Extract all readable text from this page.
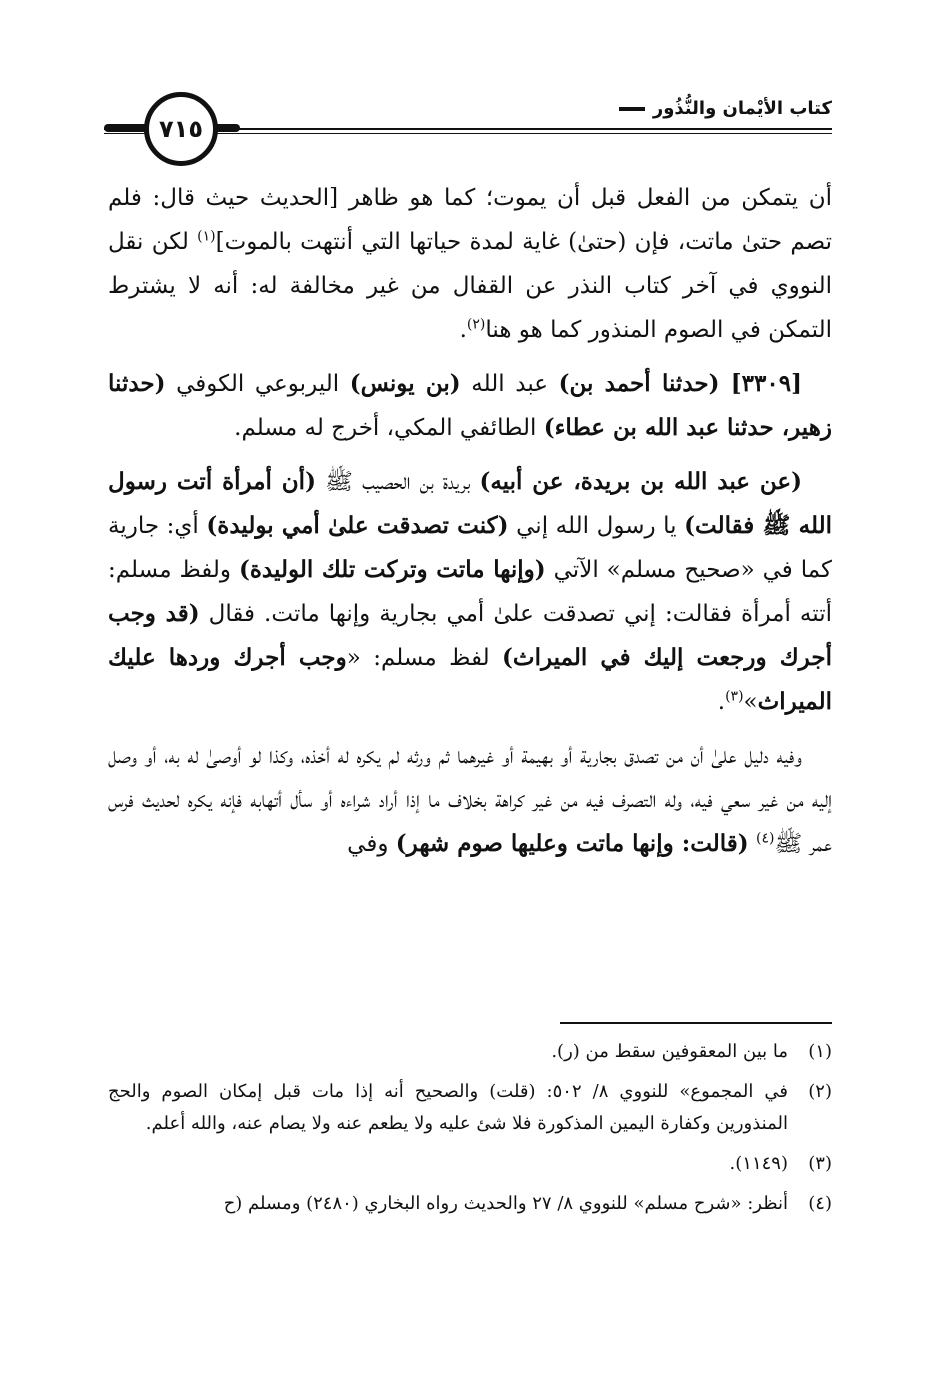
٧١٥
كتاب الأيْمان والنُّذُور

أن يتمكن من الفعل قبل أن يموت؛ كما هو ظاهر [الحديث حيث قال: فلم تصم حتىٰ ماتت، فإن (حتىٰ) غاية لمدة حياتها التي أنتهت بالموت]$^{(١)}$ لكن نقل النووي في آخر كتاب النذر عن القفال من غير مخالفة له: أنه لا يشترط التمكن في الصوم المنذور كما هو هنا$^{(٢)}$.

[٣٣٠٩] (حدثنا أحمد بن) عبد الله (بن يونس) اليربوعي الكوفي (حدثنا زهير، حدثنا عبد الله بن عطاء) الطائفي المكي، أخرج له مسلم.

(عن عبد الله بن بريدة، عن أبيه) بريدة بن الحصيب ﷺ (أن أمرأة أتت رسول الله ﷺ فقالت) يا رسول الله إني (كنت تصدقت علىٰ أمي بوليدة) أي: جارية كما في «صحيح مسلم» الآتي (وإنها ماتت وتركت تلك الوليدة) ولفظ مسلم: أتته أمرأة فقالت: إني تصدقت علىٰ أمي بجارية وإنها ماتت. فقال (قد وجب أجرك ورجعت إليك في الميراث) لفظ مسلم: «وجب أجرك وردها عليك الميراث»$^{(٣)}$.

وفيه دليل علىٰ أن من تصدق بجارية أو بهيمة أو غيرهما ثم ورثه لم يكره له أخذه، وكذا لو أوصىٰ له به، أو وصل إليه من غير سعي فيه، وله التصرف فيه من غير كراهة بخلاف ما إذا أراد شراءه أو سأل أتهابه فإنه يكره لحديث فرس عمر ﷺ$^{(٤)}$ (قالت: وإنها ماتت وعليها صوم شهر) وفي

(١)
ما بين المعقوفين سقط من (ر).
(٢)
في المجموع» للنووي ٨/ ٥٠٢: (قلت) والصحيح أنه إذا مات قبل إمكان الصوم والحج المنذورين وكفارة اليمين المذكورة فلا شئ عليه ولا يطعم عنه ولا يصام عنه، والله أعلم.
(٣)
(١١٤٩).
(٤)
أنظر: «شرح مسلم» للنووي ٨/ ٢٧ والحديث رواه البخاري (٢٤٨٠) ومسلم (ح
